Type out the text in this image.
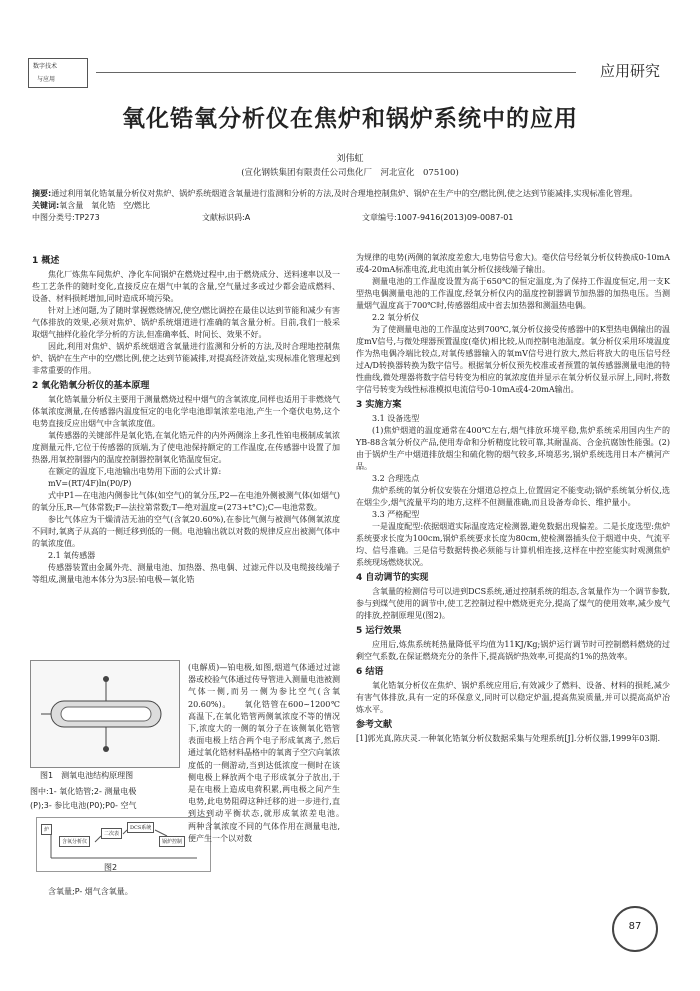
数字技术
与应用	应用研究
氧化锆氧分析仪在焦炉和锅炉系统中的应用
刘伟虹
(宣化钢铁集团有限责任公司焦化厂　河北宣化　075100)
摘要:通过利用氧化锆氧量分析仪对焦炉、锅炉系统烟道含氧量进行监测和分析的方法,及时合理地控制焦炉、锅炉在生产中的空/燃比例,使之达到节能减排,实现标准化管理。
关键词:氧含量　氧化锆　空/燃比
中图分类号:TP273	文献标识码:A	文章编号:1007-9416(2013)09-0087-01
1 概述

焦化厂炼焦车间焦炉、净化车间锅炉在燃烧过程中,由于燃烧成分、送料速率以及一些工艺条件的随时变化,直接反应在烟气中氧的含量,空气量过多或过少都会造成燃料、设备、材料损耗增加,同时造成环境污染。

针对上述问题,为了随时掌握燃烧情况,使空/燃比调控在最佳以达到节能和减少有害气体排放的效果,必须对焦炉、锅炉系统烟道进行准确的氧含量分析。目前,我们一般采取烟气抽样化验化学分析的方法,但准确率低、时间长、效果不好。

因此,利用对焦炉、锅炉系统烟道含氧量进行监测和分析的方法,及时合理地控制焦炉、锅炉在生产中的空/燃比例,使之达到节能减排,对提高经济效益,实现标准化管理起到非常重要的作用。

2 氧化锆氧分析仪的基本原理

氧化锆氧量分析仪主要用于测量燃烧过程中烟气的含氧浓度,同样也适用于非燃烧气体氧浓度测量,在传感器内温度恒定的电化学电池即氧浓差电池,产生一个毫伏电势,这个电势直接反应出烟气中含氧浓度值。

氧传感器的关键部件是氧化锆,在氧化锆元件的内外两侧涂上多孔性铂电极制成氧浓度测量元件,它位于传感器的顶端,为了使电池保持额定的工作温度,在传感器中设置了加热器,用氧控制器内的温度控制器控制氧化锆温度恒定。

在额定的温度下,电池输出电势用下面的公式计算:

mV=(RT/4F)ln(P0/P)

式中P1—在电池内侧参比气体(如空气)的氧分压,P2—在电池外侧被测气体(如烟气)的氧分压,R—气体常数;F—法拉第常数;T—绝对温度=(273+t°C);C—电池常数。

参比气体应为干燥清洁无油的空气(含氧20.60%),在参比气侧与被测气体侧氧浓度不同时,氧离子从高的一侧迁移到低的一侧。电池输出就以对数的规律反应出被测气体中的氧浓度值。

2.1 氧传感器

传感器装置由金属外壳、测量电池、加热器、热电偶、过滤元件以及电缆接线端子等组成,测量电池本体分为3层:铂电极—氧化锆

图1　测氧电池结构原理图
图中:1- 氧化锆管;2- 测量电极
(P);3- 参比电池(P0);P0- 空气
炉
含氧分析仪
二次表
DCS系统
锅炉控制
图2
含氧量;P- 烟气含氧量。
(电解质)—铂电极,如图,烟道气体通过过滤器或校验气体通过传导管进入测量电池被测气体一侧,而另一侧为参比空气(含氧20.60%)。　　氧化锆管在600~1200℃高温下,在氧化锆管两侧氧浓度不等的情况下,浓度大的一侧的氧分子在该侧氧化锆管表面电极上结合两个电子形成氧离子,然后通过氧化锆材料晶格中的氧离子空穴向氧浓度低的一侧游动,当到达低浓度一侧时在该侧电极上释放两个电子形成氧分子放出,于是在电极上造成电荷积累,两电极之间产生电势,此电势阻碍这种迁移的进一步进行,直到达到动平衡状态,就形成氧浓差电池。　　两种含氧浓度不同的气体作用在测量电池,便产生一个以对数

为规律的电势(两侧的氧浓度差愈大,电势信号愈大)。毫伏信号经氧分析仪转换成0-10mA或4-20mA标准电流,此电流由氧分析仪接线端子输出。

测量电池的工作温度设置为高于650℃的恒定温度,为了保持工作温度恒定,用一支K型热电偶测量电池的工作温度,经氧分析仪内的温度控制器调节加热器的加热电压。当测量烟气温度高于700℃时,传感器组成中省去加热器和测温热电偶。

2.2 氧分析仪

为了使测量电池的工作温度达到700℃,氧分析仪接受传感器中的K型热电偶输出的温度mV信号,与微处理器预置温度(毫伏)相比较,从而控制电池温度。氧分析仪采用环境温度作为热电偶冷端比较点,对氧传感器输入的氧mV信号进行放大,然后将放大的电压信号经过A/D转换器转换为数字信号。根据氧分析仪预先校准或者预置的氧传感器测量电池的特性曲线,微处理器将数字信号转变为相应的氧浓度值并显示在氧分析仪显示屏上,同时,将数字信号转变为线性标准模拟电流信号0-10mA或4-20mA输出。

3 实施方案
3.1 设备选型

(1)焦炉烟道的温度通常在400℃左右,烟气排放环境平稳,焦炉系统采用国内生产的YB-88含氧分析仪产品,使用寿命和分析精度比较可靠,其耐温高、合金抗腐蚀性能强。(2)由于锅炉生产中烟道排放烟尘和硫化物的烟气较多,环境恶劣,锅炉系统选用日本产横河产品。

3.2 合理选点

焦炉系统的氧分析仪安装在分烟道总控点上,位置固定不能变动;锅炉系统氧分析仪,选在烟尘少,烟气流量平均的地方,这样不但测量准确,而且设备寿命长、维护量小。

3.3 严格配型

一是温度配型:依据烟道实际温度选定检测器,避免数据出现偏差。二是长度选型:焦炉系统要求长度为100cm,锅炉系统要求长度为80cm,使检测器插头位于烟道中央、气流平均、信号准确。三是信号数据转换必须能与计算机相连接,这样在中控室能实时观测焦炉系统现场燃烧状况。

4 自动调节的实现

含氧量的检测信号可以进到DCS系统,通过控制系统的组态,含氧量作为一个调节参数,参与到煤气使用的调节中,使工艺控制过程中燃烧更充分,提高了煤气的使用效率,减少废气的排放,控制原理见(图2)。

5 运行效果

应用后,炼焦系统耗热量降低平均值为11KJ/Kg;锅炉运行调节时可控制燃料燃烧的过剩空气系数,在保证燃烧充分的条件下,提高锅炉热效率,可提高约1%的热效率。

6 结语

氧化锆氧分析仪在焦炉、锅炉系统应用后,有效减少了燃料、设备、材料的损耗,减少有害气体排放,具有一定的环保意义,同时可以稳定炉温,提高焦炭质量,并可以提高高炉冶炼水平。

参考文献
[1]郭光真,陈庆灵.一种氧化锆氧分析仪数据采集与处理系统[J].分析仪器,1999年03期.
87
